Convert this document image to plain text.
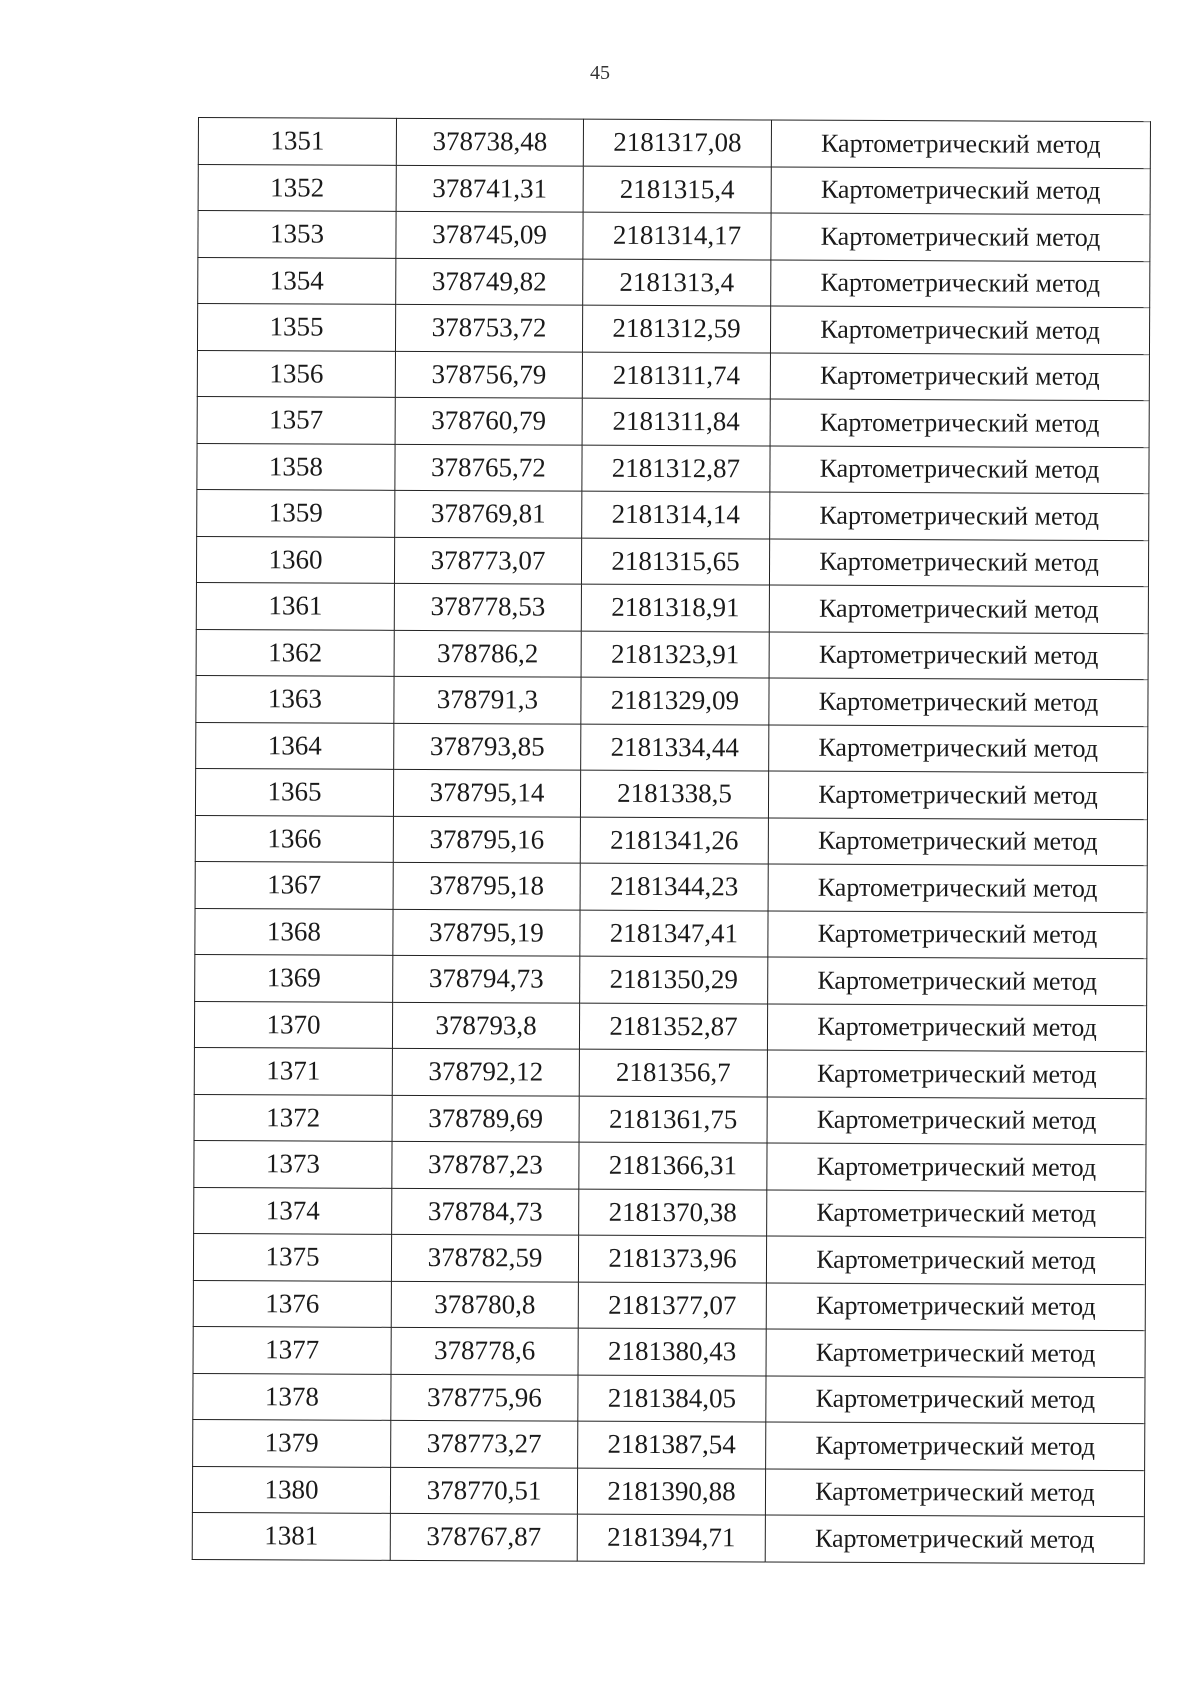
45
1351	378738,48	2181317,08	Картометрический метод
1352	378741,31	2181315,4	Картометрический метод
1353	378745,09	2181314,17	Картометрический метод
1354	378749,82	2181313,4	Картометрический метод
1355	378753,72	2181312,59	Картометрический метод
1356	378756,79	2181311,74	Картометрический метод
1357	378760,79	2181311,84	Картометрический метод
1358	378765,72	2181312,87	Картометрический метод
1359	378769,81	2181314,14	Картометрический метод
1360	378773,07	2181315,65	Картометрический метод
1361	378778,53	2181318,91	Картометрический метод
1362	378786,2	2181323,91	Картометрический метод
1363	378791,3	2181329,09	Картометрический метод
1364	378793,85	2181334,44	Картометрический метод
1365	378795,14	2181338,5	Картометрический метод
1366	378795,16	2181341,26	Картометрический метод
1367	378795,18	2181344,23	Картометрический метод
1368	378795,19	2181347,41	Картометрический метод
1369	378794,73	2181350,29	Картометрический метод
1370	378793,8	2181352,87	Картометрический метод
1371	378792,12	2181356,7	Картометрический метод
1372	378789,69	2181361,75	Картометрический метод
1373	378787,23	2181366,31	Картометрический метод
1374	378784,73	2181370,38	Картометрический метод
1375	378782,59	2181373,96	Картометрический метод
1376	378780,8	2181377,07	Картометрический метод
1377	378778,6	2181380,43	Картометрический метод
1378	378775,96	2181384,05	Картометрический метод
1379	378773,27	2181387,54	Картометрический метод
1380	378770,51	2181390,88	Картометрический метод
1381	378767,87	2181394,71	Картометрический метод
